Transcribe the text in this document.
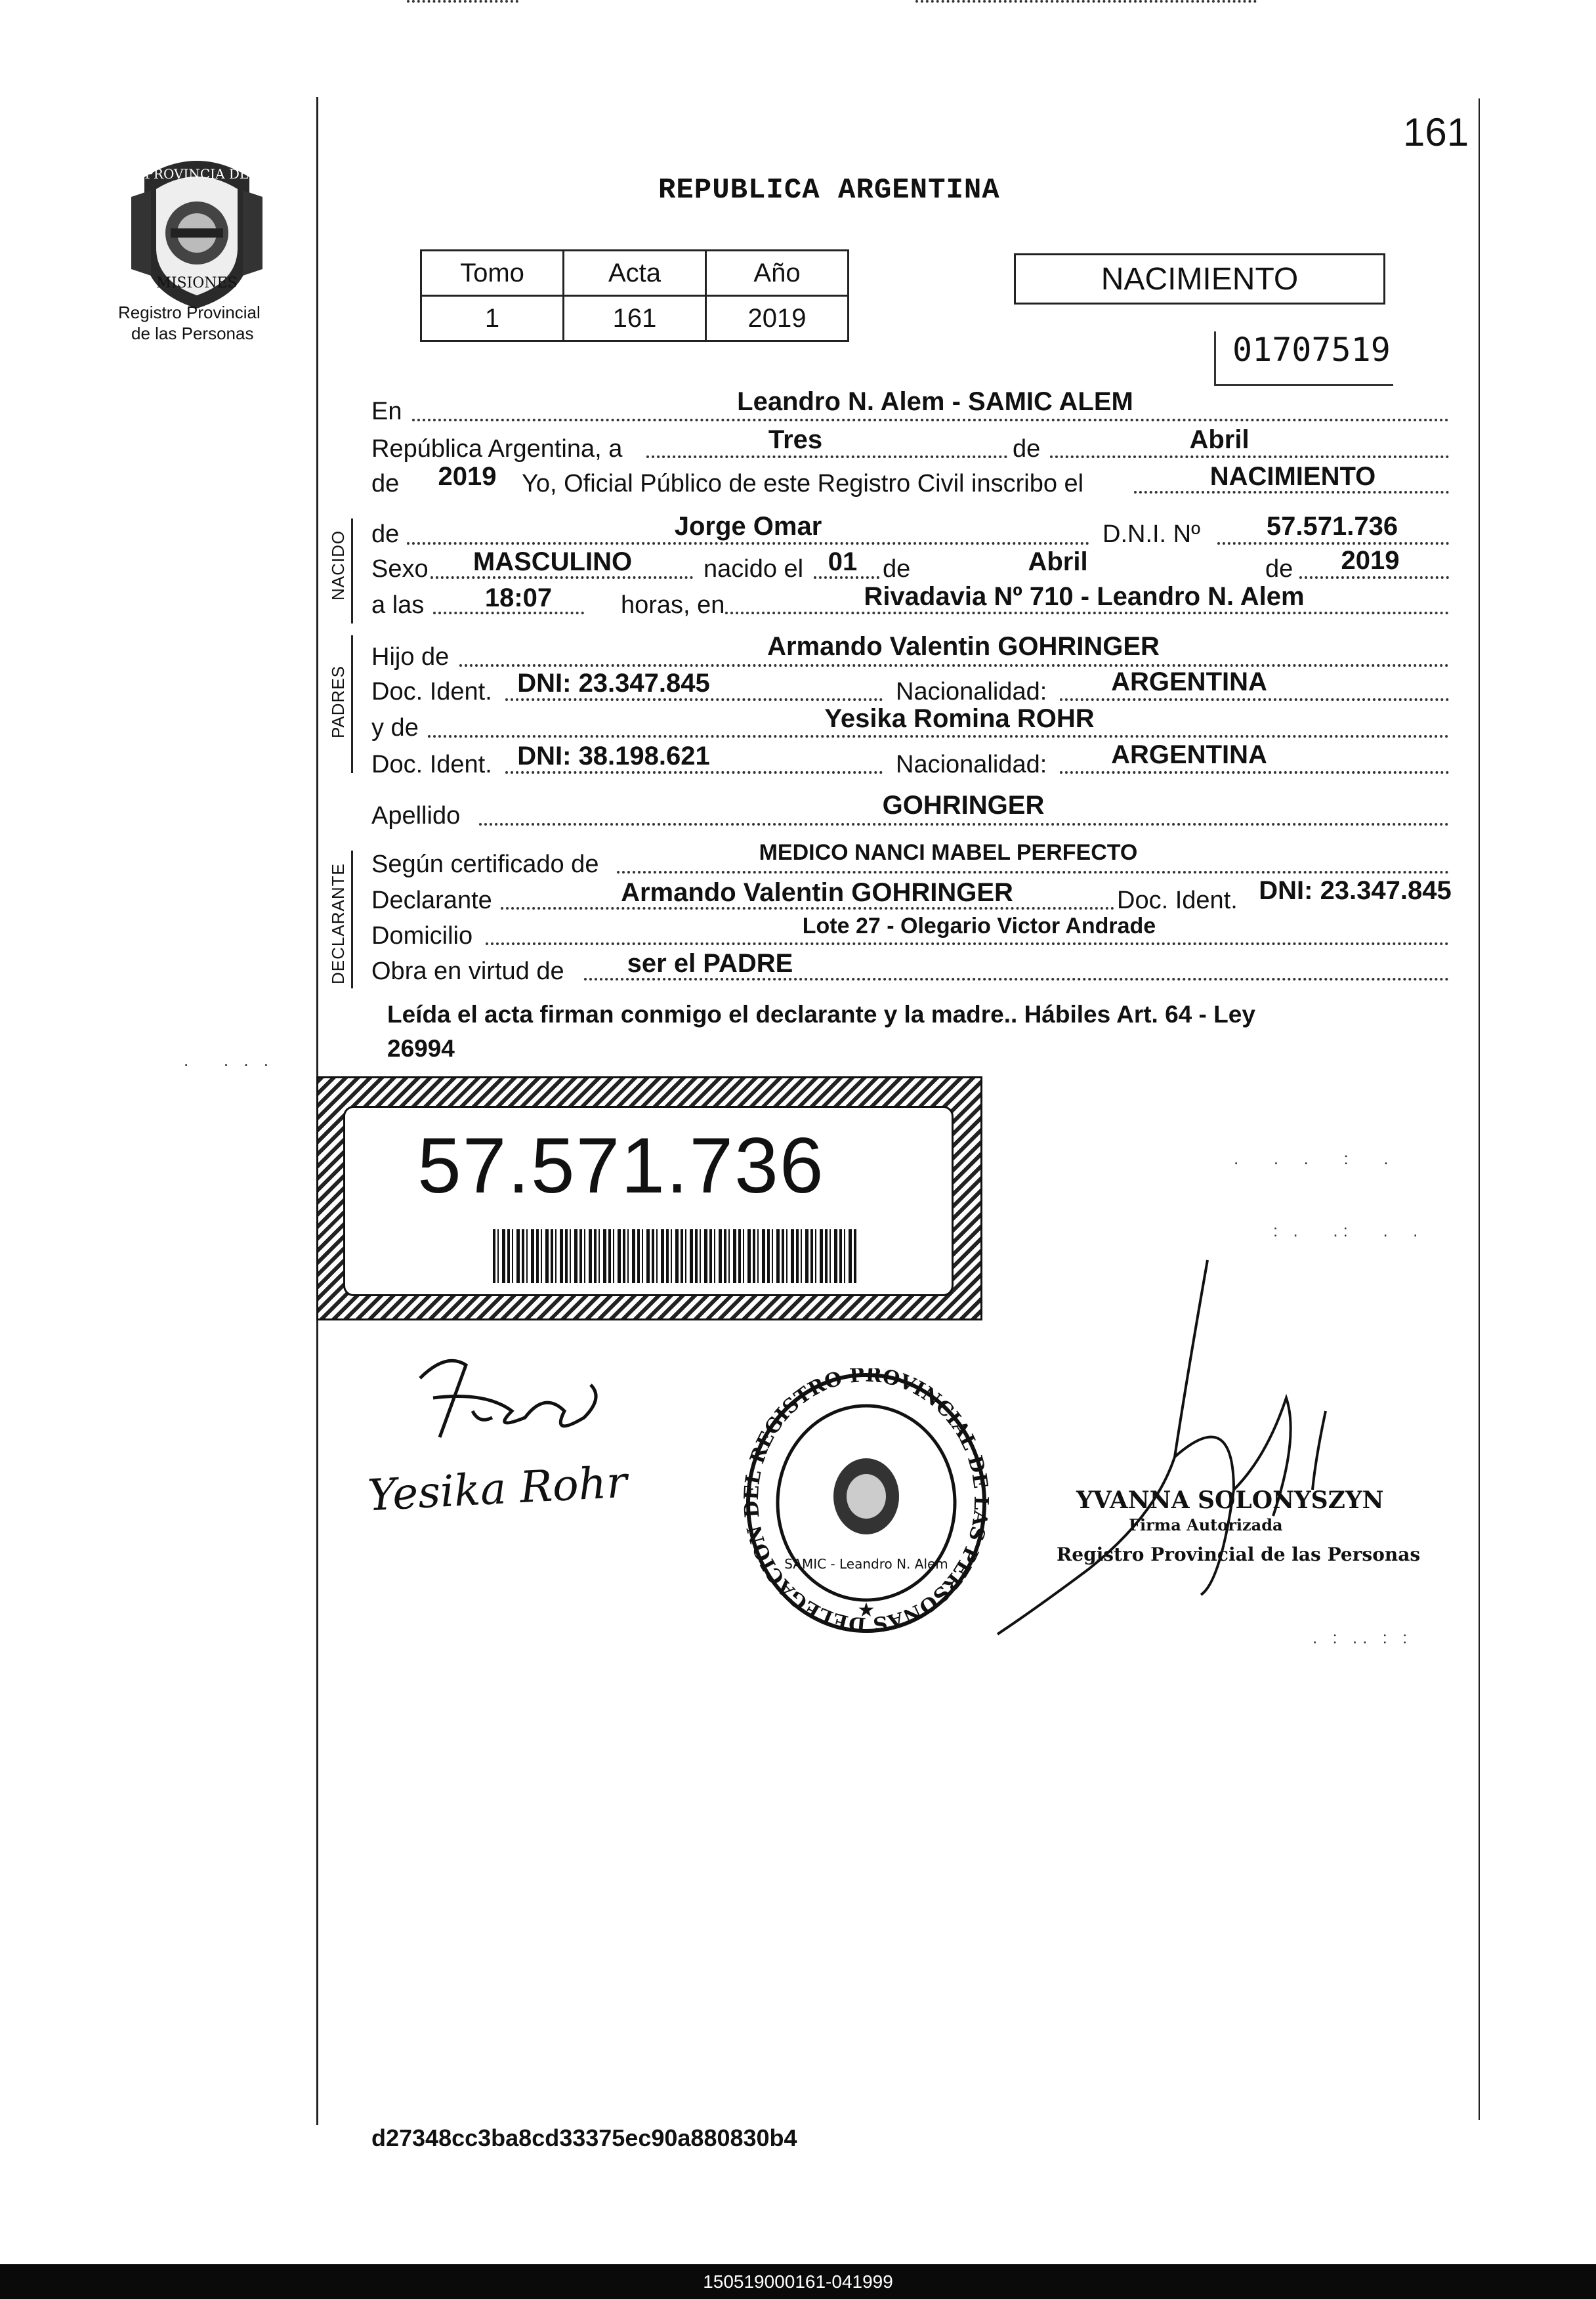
PROVINCIA DE
MISIONES
Registro Provincial
de las Personas
161
REPUBLICA ARGENTINA
Tomo	Acta	Año
1	161	2019
NACIMIENTO
01707519
En	Leandro N. Alem - SAMIC ALEM
República Argentina, a	Tres	de	Abril
de 2019 Yo, Oficial Público de este Registro Civil inscribo el	NACIMIENTO
NACIDO de	Jorge Omar	D.N.I. Nº	57.571.736
Sexo MASCULINO	nacido el 01 de	Abril	de 2019
a las 18:07	horas, en	Rivadavia Nº 710 - Leandro N. Alem
PADRES
Hijo de	Armando Valentin GOHRINGER
Doc. Ident. DNI: 23.347.845	Nacionalidad: ARGENTINA
y de	Yesika Romina ROHR
Doc. Ident. DNI: 38.198.621	Nacionalidad: ARGENTINA
Apellido	GOHRINGER
DECLARANTE Según certificado de	MEDICO NANCI MABEL PERFECTO
Declarante	Armando Valentin GOHRINGER	Doc. Ident. DNI: 23.347.845
Domicilio	Lote 27 - Olegario Victor Andrade
Obra en virtud de ser el PADRE
Leída el acta firman conmigo el declarante y la madre.. Hábiles Art. 64 - Ley
26994
57.571.736
Yesika Rohr
DELEGACION DEL REGISTRO PROVINCIAL DE LAS PERSONAS
SAMIC - Leandro N. Alem
★
YVANNA SOLONYSZYN
Firma Autorizada
Registro Provincial de las Personas
d27348cc3ba8cd33375ec90a880830b4
150519000161-041999
.   .  .   :   .
: .   .:   .  .
. : .. : :
.   . . .
